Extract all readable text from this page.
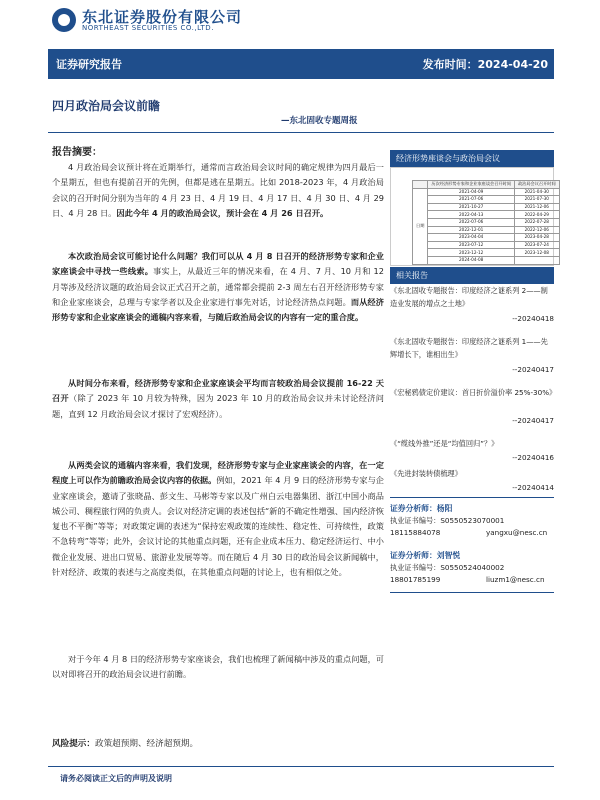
东北证券股份有限公司
NORTHEAST SECURITIES CO.,LTD.
证券研究报告	发布时间：2024-04-20
四月政治局会议前瞻
—东北固收专题周报
报告摘要：

4 月政治局会议预计将在近期举行，通常而言政治局会议时间的确定规律为四月最后一个星期五，但也有提前召开的先例，但都是逃在星期五。比如 2018-2023 年，4 月政治局会议的召开时间分别为当年的 4 月 23 日、4 月 19 日、4 月 17 日、4 月 30 日、4 月 29 日、4 月 28 日。因此今年 4 月的政治局会议，预计会在 4 月 26 日召开。

本次政治局会议可能讨论什么问题？我们可以从 4 月 8 日召开的经济形势专家和企业家座谈会中寻找一些线索。事实上，从最近三年的情况来看，在 4 月、7 月、10 月和 12 月等涉及经济议题的政治局会议正式召开之前，通常都会提前 2-3 周左右召开经济形势专家和企业家座谈会，总理与专家学者以及企业家进行事先对话，讨论经济热点问题。而从经济形势专家和企业家座谈会的通稿内容来看，与随后政治局会议的内容有一定的重合度。

从时间分布来看，经济形势专家和企业家座谈会平均而言较政治局会议提前 16-22 天召开（除了 2023 年 10 月较为特殊，因为 2023 年 10 月的政治局会议并未讨论经济问题，直到 12 月政治局会议才探讨了宏观经济）。

从两类会议的通稿内容来看，我们发现，经济形势专家与企业家座谈会的内容，在一定程度上可以作为前瞻政治局会议内容的依据。例如，2021 年 4 月 9 日的经济形势专家与企业家座谈会，邀请了张晓晶、彭文生、马彬等专家以及广州白云电器集团、浙江中国小商品城公司、稠程旅行网的负责人。会议对经济定调的表述包括“新的不确定性增强、国内经济恢复也不平衡”等等；对政策定调的表述为“保持宏观政策的连续性、稳定性、可持续性，政策不急转弯”等等；此外，会议讨论的其他重点问题，还有企业成本压力、稳定经济运行、中小微企业发展、进出口贸易、旅游业发展等等。而在随后 4 月 30 日的政治局会议新闻稿中，针对经济、政策的表述与之高度类似，在其他重点问题的讨论上，也有相似之处。

对于今年 4 月 8 日的经济形势专家座谈会，我们也梳理了新闻稿中涉及的重点问题，可以对即将召开的政治局会议进行前瞻。

风险提示：政策超预期、经济超预期。
请务必阅读正文后的声明及说明
经济形势座谈会与政治局会议
	历次经济形势专家和企业家座谈会召开时间	政治局会议召开时间
日期	2021-04-09	2021-04-30
	2021-07-06	2021-07-30
	2021-10-27	2021-12-06
	2022-04-13	2022-04-29
	2022-07-06	2022-07-28
	2022-12-01	2022-12-06
	2023-04-04	2023-04-28
	2023-07-12	2023-07-24
	2023-12-12	2023-12-08
	2024-04-08	
相关报告
《东北固收专题报告：印度经济之谜系列 2——制造业发展的增点之土地》
--20240418
《东北固收专题报告：印度经济之谜系列 1——先辉增长下，谁相出生》
--20240417
《宏秘鸦债定价建议：首日折价溢价率 25%-30%》
--20240417
《“缆线外推”还是“均值回归”？》
--20240416
《先进封装转债梳理》
--20240414
证券分析师：杨阳
执业证书编号：S0550523070001
18115884078	yangxu@nesc.cn
证券分析师：刘智悦
执业证书编号：S0550524040002
18801785199	liuzm1@nesc.cn
